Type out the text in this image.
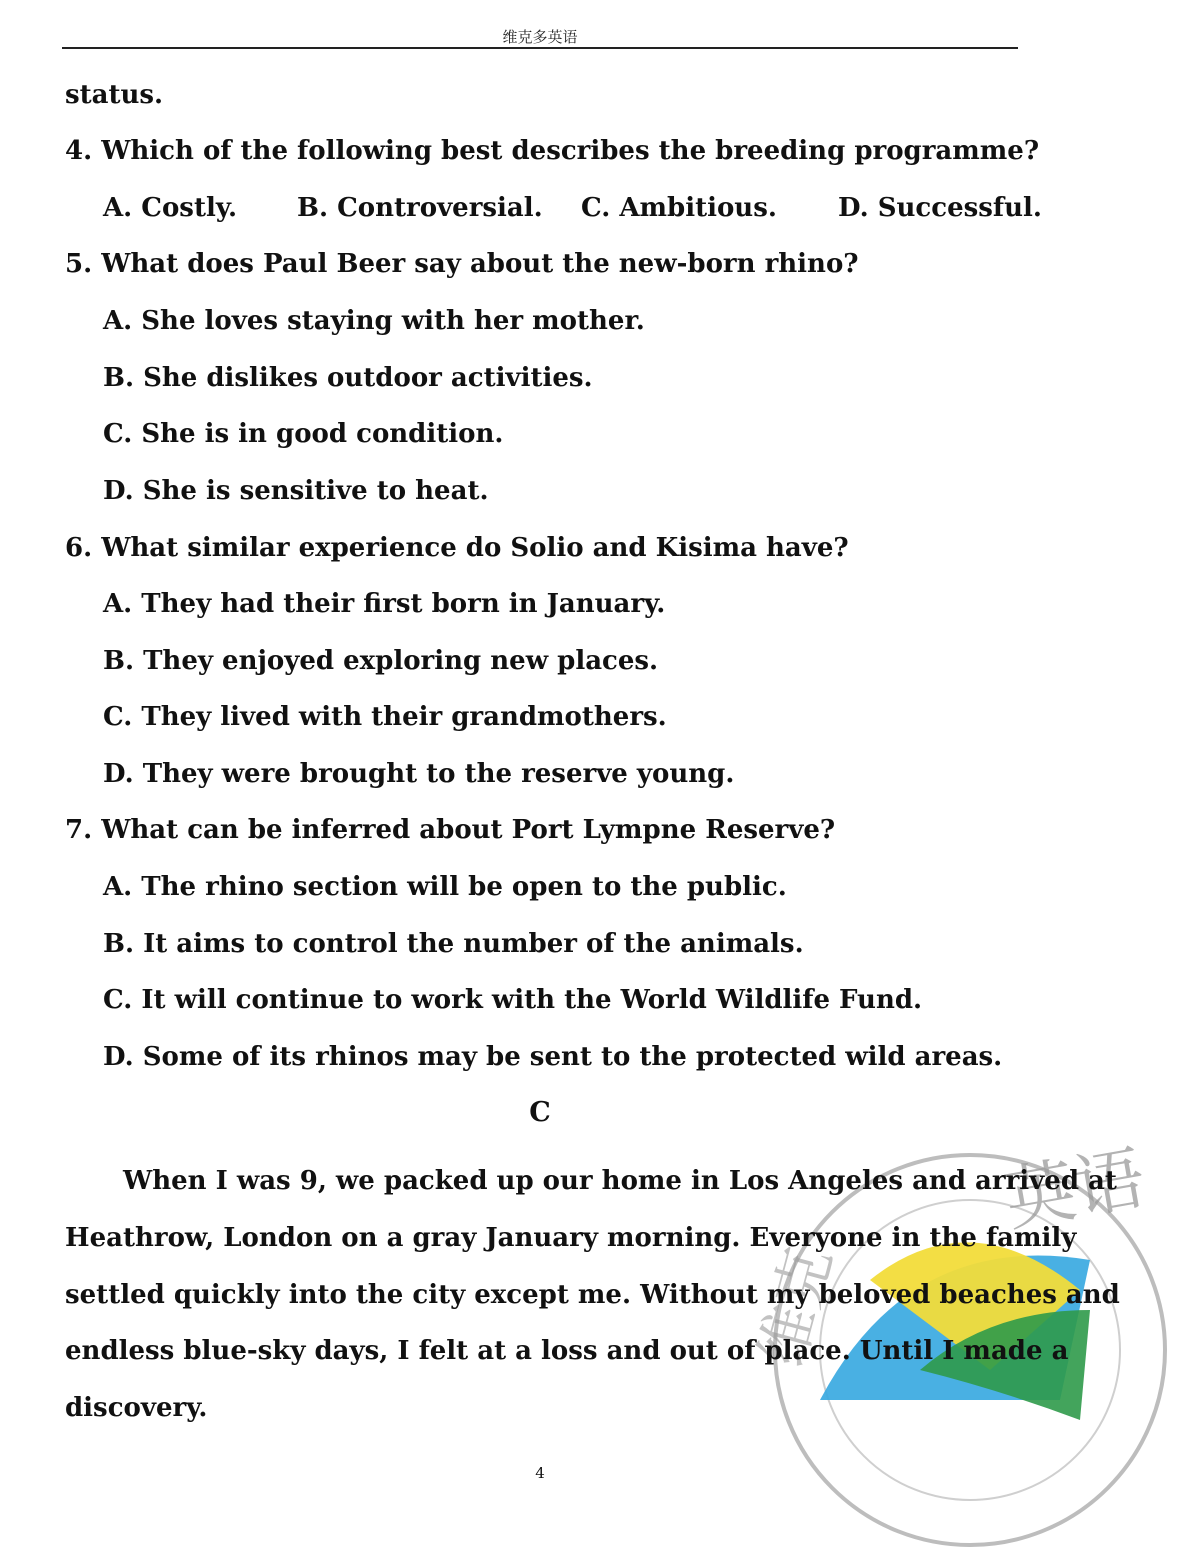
英语
维克
维克多英语
status.
4. Which of the following best describes the breeding programme?
A. Costly. B. Controversial. C. Ambitious. D. Successful.
5. What does Paul Beer say about the new-born rhino?
A. She loves staying with her mother.
B. She dislikes outdoor activities.
C. She is in good condition.
D. She is sensitive to heat.
6. What similar experience do Solio and Kisima have?
A. They had their first born in January.
B. They enjoyed exploring new places.
C. They lived with their grandmothers.
D. They were brought to the reserve young.
7. What can be inferred about Port Lympne Reserve?
A. The rhino section will be open to the public.
B. It aims to control the number of the animals.
C. It will continue to work with the World Wildlife Fund.
D. Some of its rhinos may be sent to the protected wild areas.
C
When I was 9, we packed up our home in Los Angeles and arrived at
Heathrow, London on a gray January morning. Everyone in the family
settled quickly into the city except me. Without my beloved beaches and
endless blue-sky days, I felt at a loss and out of place. Until I made a
discovery.
4
